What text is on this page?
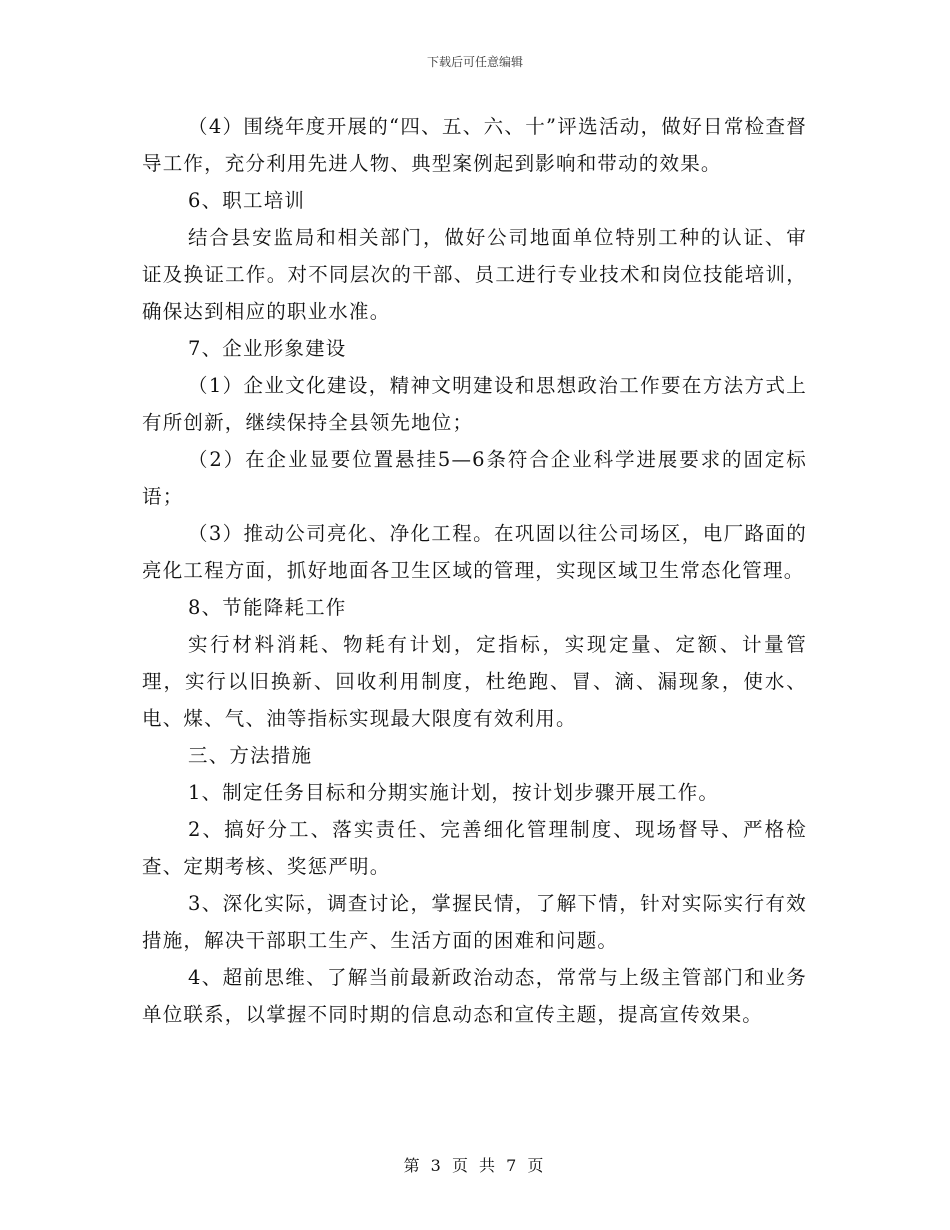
下载后可任意编辑

（4）围绕年度开展的“四、五、六、十”评选活动，做好日常检查督导工作，充分利用先进人物、典型案例起到影响和带动的效果。

6、职工培训

结合县安监局和相关部门，做好公司地面单位特别工种的认证、审证及换证工作。对不同层次的干部、员工进行专业技术和岗位技能培训，确保达到相应的职业水准。

7、企业形象建设

（1）企业文化建设，精神文明建设和思想政治工作要在方法方式上有所创新，继续保持全县领先地位；

（2）在企业显要位置悬挂5—6条符合企业科学进展要求的固定标语；

（3）推动公司亮化、净化工程。在巩固以往公司场区，电厂路面的亮化工程方面，抓好地面各卫生区域的管理，实现区域卫生常态化管理。

8、节能降耗工作

实行材料消耗、物耗有计划，定指标，实现定量、定额、计量管理，实行以旧换新、回收利用制度，杜绝跑、冒、滴、漏现象，使水、电、煤、气、油等指标实现最大限度有效利用。

三、方法措施

1、制定任务目标和分期实施计划，按计划步骤开展工作。

2、搞好分工、落实责任、完善细化管理制度、现场督导、严格检查、定期考核、奖惩严明。

3、深化实际，调查讨论，掌握民情，了解下情，针对实际实行有效措施，解决干部职工生产、生活方面的困难和问题。

4、超前思维、了解当前最新政治动态，常常与上级主管部门和业务单位联系，以掌握不同时期的信息动态和宣传主题，提高宣传效果。

第 3 页 共 7 页
